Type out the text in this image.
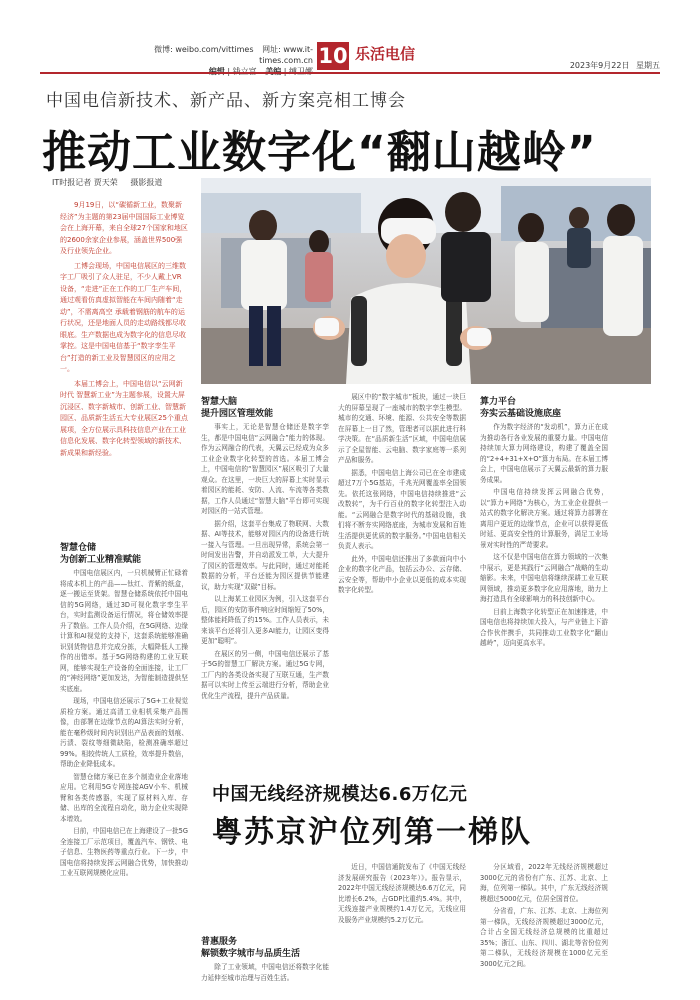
微博: weibo.com/vittimes 网址: www.it-times.com.cn 10 乐活电信
2023年9月22日 星期五
中国电信新技术、新产品、新方案亮相工博会
推动工业数字化“翻山越岭”
IT时报记者 贾天荣 摄影报道

9月19日，以“碳循新工业，数聚新经济”为主题的第23届中国国际工业博览会在上海开幕，来自全球27个国家和地区的2600余家企业参展，涵盖世界500强及行业领先企业。

工博会现场，中国电信展区的三维数字工厂吸引了众人驻足，不少人戴上VR设备，“走进”正在工作的工厂生产车间，通过观看仿真虚拟智能在车间内随着“走动”，不需离高空 承载着钢筋的航车的运行状况，还是地面人员的走动路线都尽收眼底。生产数据也成为数字化的信息尽收掌控。这是中国电信基于“数字孪生平台”打造的新工业及智慧园区的应用之一。

本届工博会上，中国电信以“云网新时代 智慧新工业”为主题参展，设置大屏沉浸区、数字新城市、创新工业、智慧新园区、品质新生活五大专业展区25个重点展项，全方位展示具科技信息产业在工业信息化发展、数字化转型领域的新技术、新成果和新经验。

智慧仓储
为创新工业精准赋能

中国电信展区内，一只机械臂正忙碌着将成本机上的产品——钛红、青紫的纸盒，逐一搬运至货架。智慧仓储系统依托中国电信的5G网络，通过3D可视化数字孪生平台，实时监测设备运行情况，将仓储效率提升了数倍。工作人员介绍，在5G网络、边缘计算和AI视觉的支持下，这套系统能够准确识别货物信息并完成分拣，大幅降低人工操作的出错率。基于5G网络构建的工业互联网，能够实现生产设备的全面连接，让工厂的“神经网络”更加发达，为智能制造提供坚实底座。

现场，中国电信还展示了5G+工业视觉质检方案。通过高清工业相机采集产品图像，由部署在边缘节点的AI算法实时分析，能在毫秒级时间内识别出产品表面的划痕、污渍、裂纹等细微缺陷，检测准确率超过99%。相较传统人工质检，效率提升数倍，帮助企业降低成本。

智慧仓储方案已在多个制造业企业落地应用。它利用5G专网连接AGV小车、机械臂和各类传感器，实现了原材料入库、存储、出库的全流程自动化，助力企业实现降本增效。

目前，中国电信已在上海建设了一批5G全连接工厂示范项目，覆盖汽车、钢铁、电子信息、生物医药等重点行业。下一步，中国电信将持续发挥云网融合优势，加快推动工业互联网规模化应用。

智慧大脑
提升园区管理效能

事实上，无论是智慧仓储还是数字孪生，都是中国电信“云网融合”能力的体现。作为云网融合的代表，天翼云已经成为众多工业企业数字化转型的首选。本届工博会上，中国电信的“智慧园区”展区吸引了大量观众。在这里，一块巨大的屏幕上实时显示着园区的能耗、安防、人流、车流等各类数据，工作人员通过“智慧大脑”平台即可实现对园区的一站式管理。

据介绍，这套平台集成了物联网、大数据、AI等技术，能够对园区内的设备进行统一接入与管理。一旦出现异常，系统会第一时间发出告警，并自动派发工单，大大提升了园区的管理效率。与此同时，通过对能耗数据的分析，平台还能为园区提供节能建议，助力实现“双碳”目标。

以上海某工业园区为例，引入这套平台后，园区的安防事件响应时间缩短了50%，整体能耗降低了约15%。工作人员表示，未来该平台还将引入更多AI能力，让园区变得更加“聪明”。

在展区的另一侧，中国电信还展示了基于5G的智慧工厂解决方案。通过5G专网，工厂内的各类设备实现了互联互通，生产数据可以实时上传至云端进行分析，帮助企业优化生产流程，提升产品质量。

普惠服务
解锁数字城市与品质生活

除了工业领域，中国电信还将数字化能力延伸至城市治理与百姓生活。

展区中的“数字城市”板块，通过一块巨大的屏幕呈现了一座城市的数字孪生模型。城市的交通、环境、能源、公共安全等数据在屏幕上一目了然，管理者可以据此进行科学决策。在“品质新生活”区域，中国电信展示了全屋智能、云电脑、数字家庭等一系列产品和服务。

据悉，中国电信上海公司已在全市建成超过7万个5G基站，千兆光网覆盖率全国领先。依托这张网络，中国电信持续推进“云改数转”，为千行百业的数字化转型注入动能。“云网融合是数字时代的基础设施，我们将不断夯实网络底座，为城市发展和百姓生活提供更优质的数字服务。”中国电信相关负责人表示。

此外，中国电信还推出了多款面向中小企业的数字化产品，包括云办公、云存储、云安全等，帮助中小企业以更低的成本实现数字化转型。

算力平台
夯实云基础设施底座

作为数字经济的“发动机”，算力正在成为推动各行各业发展的重要力量。中国电信持续加大算力网络建设，构建了覆盖全国的“2+4+31+X+O”算力布局。在本届工博会上，中国电信展示了天翼云最新的算力服务成果。

中国电信持续发挥云网融合优势，以“算力+网络”为核心，为工业企业提供一站式的数字化解决方案。通过将算力部署在离用户更近的边缘节点，企业可以获得更低时延、更高安全性的计算服务，满足工业场景对实时性的严苛要求。

这不仅是中国电信在算力领域的一次集中展示，更是其践行“云网融合”战略的生动缩影。未来，中国电信将继续深耕工业互联网领域，推动更多数字化应用落地，助力上海打造具有全球影响力的科技创新中心。

目前上海数字化转型正在加速推进，中国电信也将持续加大投入，与产业链上下游合作伙伴携手，共同推动工业数字化“翻山越岭”，迈向更高水平。

中国无线经济规模达6.6万亿元
粤苏京沪位列第一梯队

近日，中国信通院发布了《中国无线经济发展研究报告（2023年）》。报告显示，2022年中国无线经济规模达6.6万亿元，同比增长6.2%，占GDP比重约5.4%。其中，无线连接产业规模约1.4万亿元，无线应用及服务产业规模约5.2万亿元。

分区域看，2022年无线经济规模超过3000亿元的省份有广东、江苏、北京、上海，位列第一梯队。其中，广东无线经济规模超过5000亿元，位居全国首位。

分省看，广东、江苏、北京、上海位列第一梯队，无线经济规模超过3000亿元，合计占全国无线经济总规模的比重超过35%；浙江、山东、四川、湖北等省份位列第二梯队，无线经济规模在1000亿元至3000亿元之间。
